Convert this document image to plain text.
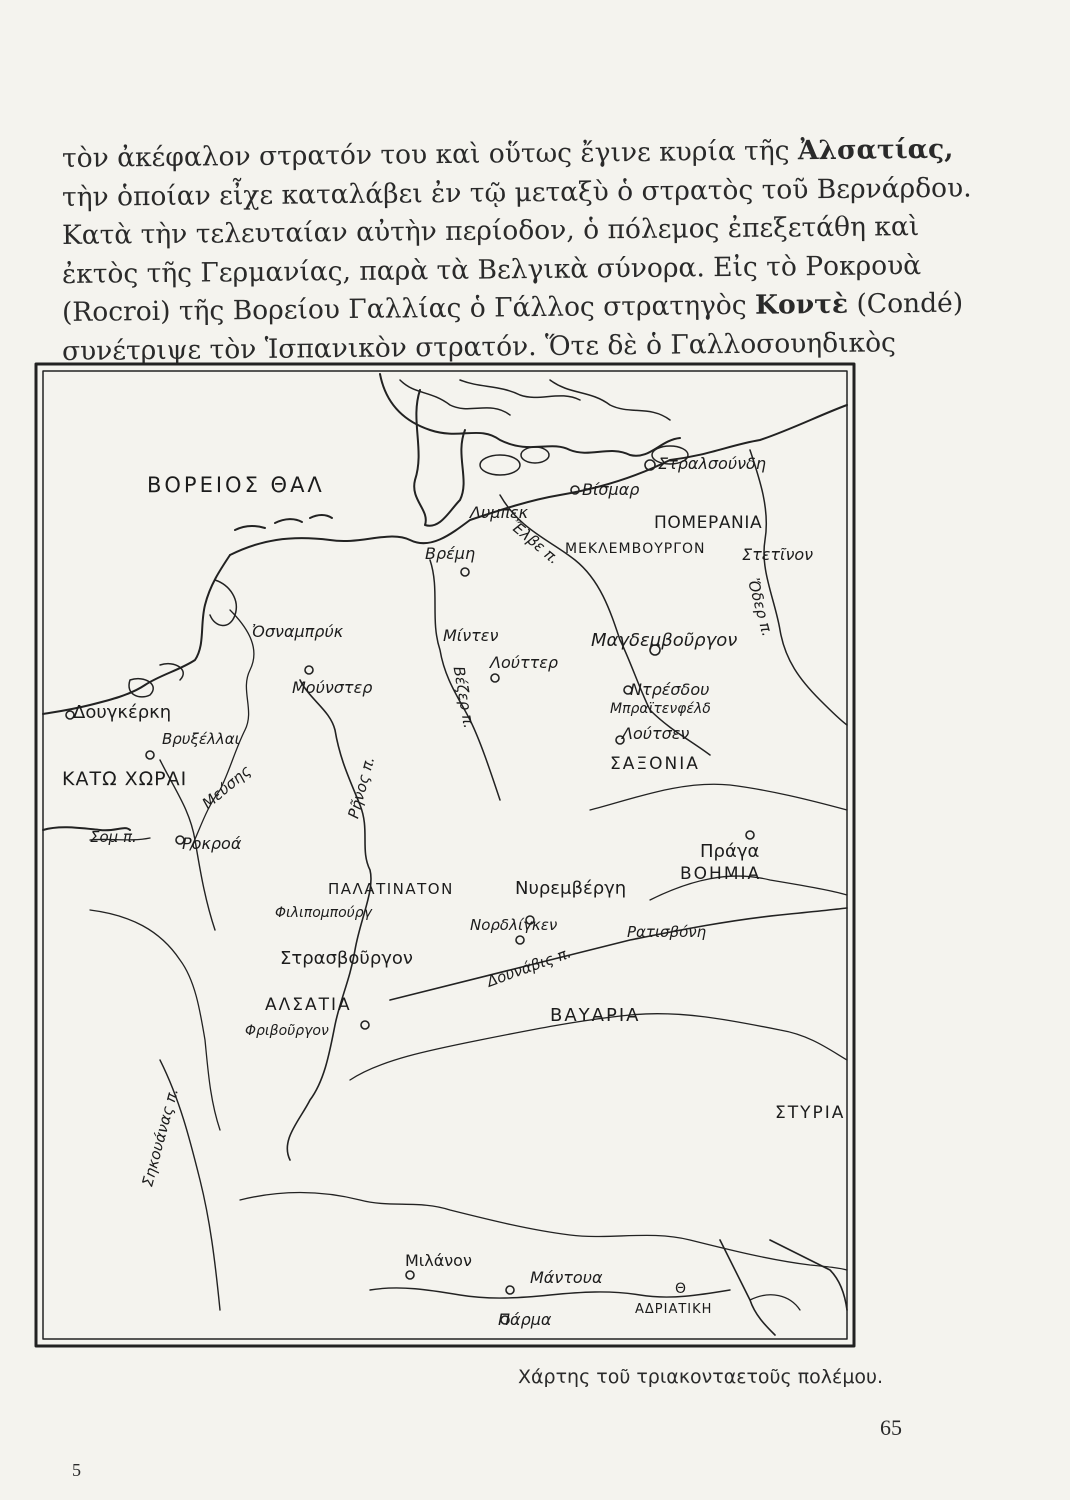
τὸν ἀκέφαλον στρατόν του καὶ οὕτως ἔγινε κυρία τῆς Ἀλσατίας,
τὴν ὁποίαν εἶχε καταλάβει ἐν τῷ μεταξὺ ὁ στρατὸς τοῦ Βερνάρδου.
Κατὰ τὴν τελευταίαν αὐτὴν περίοδον, ὁ πόλεμος ἐπεξετάθη καὶ
ἐκτὸς τῆς Γερμανίας, παρὰ τὰ Βελγικὰ σύνορα. Εἰς τὸ Ροκρουὰ
(Rocroi) τῆς Βορείου Γαλλίας ὁ Γάλλος στρατηγὸς Κοντὲ (Condé)
συνέτριψε τὸν Ἱσπανικὸν στρατόν. Ὅτε δὲ ὁ Γαλλοσουηδικὸς
ΒΟΡΕΙΟΣ ΘΑΛ
Στραλσούνδη
Βίσμαρ
Λυμπεκ
ΠΟΜΕΡΑΝΙΑ
Βρέμη	ΜΕΚΛΕΜΒΟΥΡΓΟΝ Στετῖνον
Ἔλβε π.
Ὄδερ π.
Ὀσναμπρύκ	Μίντεν	Μαγδεμβοῦργον
Λούττερ
Βέζερ π.
Μούνστερ	Ντρέσδου
Μπραϊτενφέλδ
Λούτσεν
Δουγκέρκη
Βρυξέλλαι
ΣΑΞΟΝΙΑ
ΚΑΤΩ ΧΩΡΑΙ Μεύσης	Ρῆνος π.
Σομ π.	Ροκροά	Πράγα
ΒΟΗΜΙΑ
ΠΑΛΑΤΙΝΑΤΟΝ	Νυρεμβέργη
Φιλιπομπούργ
Νορδλίγκεν	Ρατισβόνη
Στρασβοῦργον	Δουνάβις π.
ΑΛΣΑΤΙΑ
Φριβοῦργον
ΒΑΥΑΡΙΑ
Σηκουάνας π.	ΣΤΥΡΙΑ
Μιλάνον
Μάντουα
Θ
ΑΔΡΙΑΤΙΚΗ
Πάρμα
Χάρτης τοῦ τριακονταετοῦς πολέμου.
65
5
